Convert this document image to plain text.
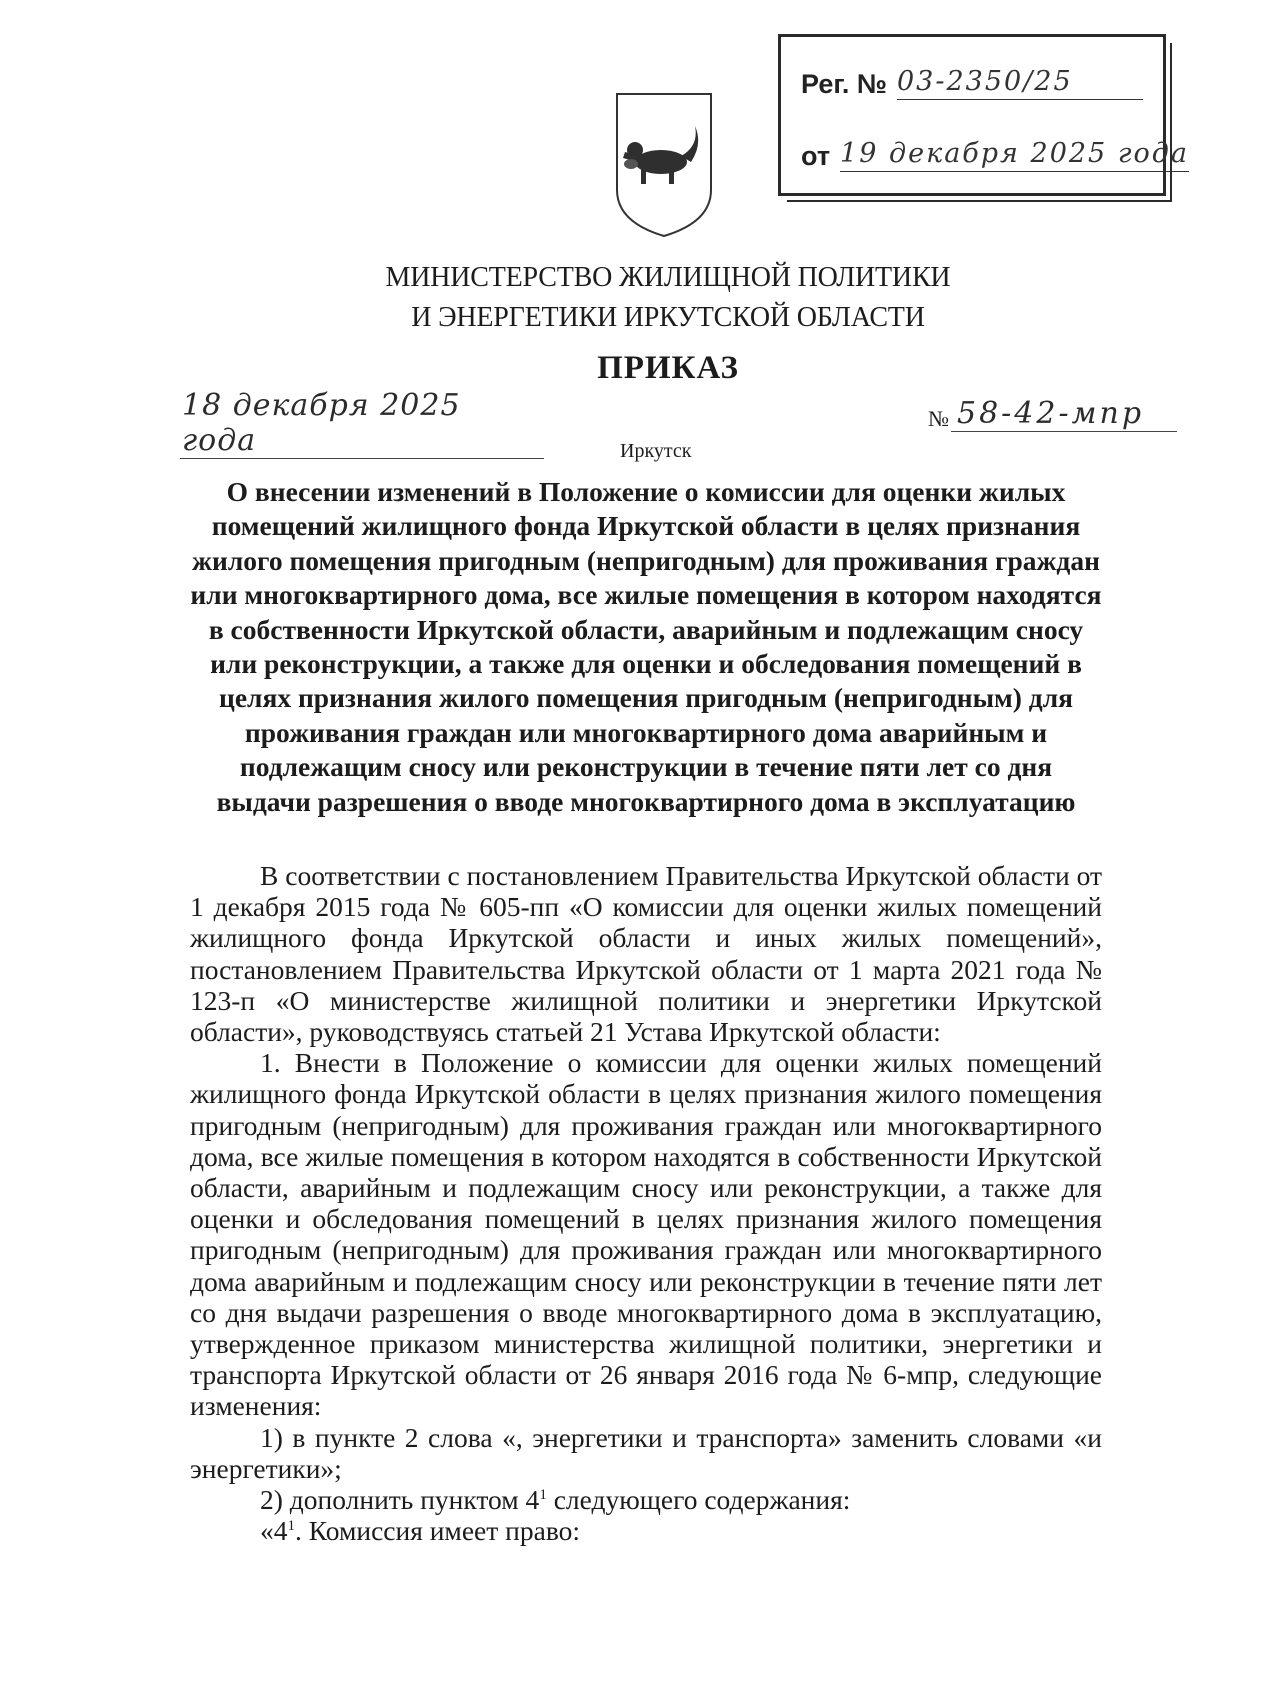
Рег. № 03-2350/25
от 19 декабря 2025 года
МИНИСТЕРСТВО ЖИЛИЩНОЙ ПОЛИТИКИ
И ЭНЕРГЕТИКИ ИРКУТСКОЙ ОБЛАСТИ
ПРИКАЗ
18 декабря 2025 года
№ 58-42-мпр
Иркутск
О внесении изменений в Положение о комиссии для оценки жилых помещений жилищного фонда Иркутской области в целях признания жилого помещения пригодным (непригодным) для проживания граждан или многоквартирного дома, все жилые помещения в котором находятся в собственности Иркутской области, аварийным и подлежащим сносу или реконструкции, а также для оценки и обследования помещений в целях признания жилого помещения пригодным (непригодным) для проживания граждан или многоквартирного дома аварийным и подлежащим сносу или реконструкции в течение пяти лет со дня выдачи разрешения о вводе многоквартирного дома в эксплуатацию

В соответствии с постановлением Правительства Иркутской области от 1 декабря 2015 года № 605-пп «О комиссии для оценки жилых помещений жилищного фонда Иркутской области и иных жилых помещений», постановлением Правительства Иркутской области от 1 марта 2021 года № 123-п «О министерстве жилищной политики и энергетики Иркутской области», руководствуясь статьей 21 Устава Иркутской области:

1. Внести в Положение о комиссии для оценки жилых помещений жилищного фонда Иркутской области в целях признания жилого помещения пригодным (непригодным) для проживания граждан или многоквартирного дома, все жилые помещения в котором находятся в собственности Иркутской области, аварийным и подлежащим сносу или реконструкции, а также для оценки и обследования помещений в целях признания жилого помещения пригодным (непригодным) для проживания граждан или многоквартирного дома аварийным и подлежащим сносу или реконструкции в течение пяти лет со дня выдачи разрешения о вводе многоквартирного дома в эксплуатацию, утвержденное приказом министерства жилищной политики, энергетики и транспорта Иркутской области от 26 января 2016 года № 6-мпр, следующие изменения:

1) в пункте 2 слова «, энергетики и транспорта» заменить словами «и энергетики»;

2) дополнить пунктом $4^1$ следующего содержания:

«$4^1$. Комиссия имеет право:
